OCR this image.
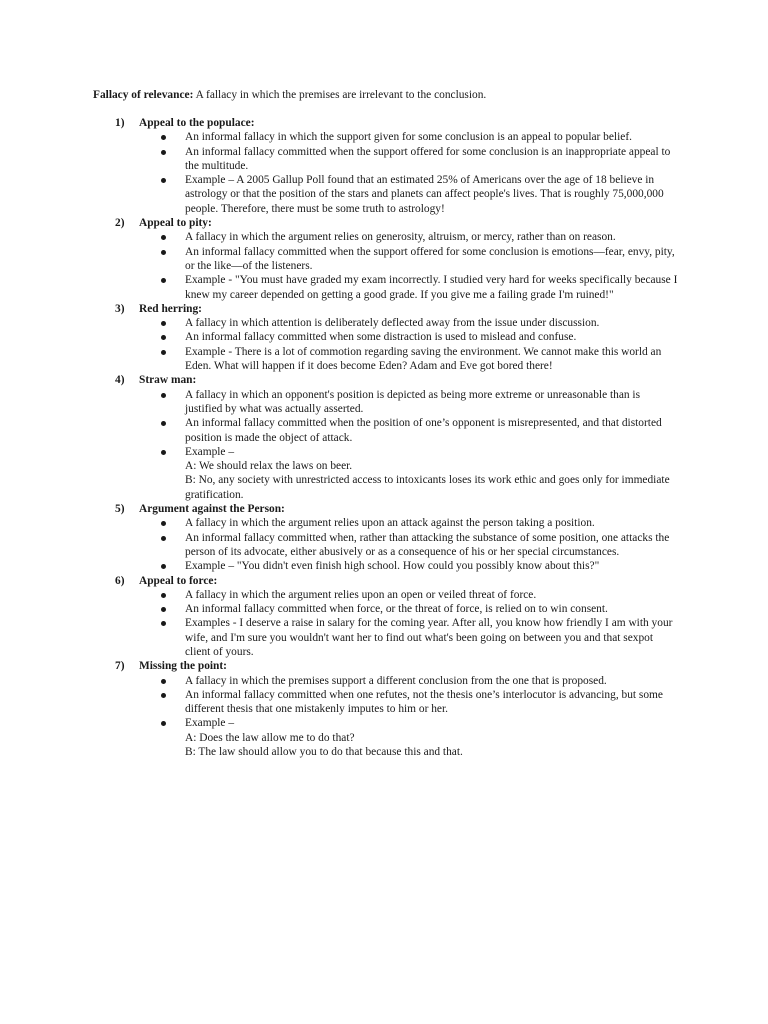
Fallacy of relevance: A fallacy in which the premises are irrelevant to the conclusion.
1) Appeal to the populace:
An informal fallacy in which the support given for some conclusion is an appeal to popular belief.
An informal fallacy committed when the support offered for some conclusion is an inappropriate appeal to the multitude.
Example – A 2005 Gallup Poll found that an estimated 25% of Americans over the age of 18 believe in astrology or that the position of the stars and planets can affect people's lives. That is roughly 75,000,000 people. Therefore, there must be some truth to astrology!
2) Appeal to pity:
A fallacy in which the argument relies on generosity, altruism, or mercy, rather than on reason.
An informal fallacy committed when the support offered for some conclusion is emotions—fear, envy, pity, or the like—of the listeners.
Example - "You must have graded my exam incorrectly. I studied very hard for weeks specifically because I knew my career depended on getting a good grade. If you give me a failing grade I'm ruined!"
3) Red herring:
A fallacy in which attention is deliberately deflected away from the issue under discussion.
An informal fallacy committed when some distraction is used to mislead and confuse.
Example - There is a lot of commotion regarding saving the environment. We cannot make this world an Eden. What will happen if it does become Eden? Adam and Eve got bored there!
4) Straw man:
A fallacy in which an opponent's position is depicted as being more extreme or unreasonable than is justified by what was actually asserted.
An informal fallacy committed when the position of one’s opponent is misrepresented, and that distorted position is made the object of attack.
Example –
A: We should relax the laws on beer.
B: No, any society with unrestricted access to intoxicants loses its work ethic and goes only for immediate gratification.
5) Argument against the Person:
A fallacy in which the argument relies upon an attack against the person taking a position.
An informal fallacy committed when, rather than attacking the substance of some position, one attacks the person of its advocate, either abusively or as a consequence of his or her special circumstances.
Example – "You didn't even finish high school. How could you possibly know about this?"
6) Appeal to force:
A fallacy in which the argument relies upon an open or veiled threat of force.
An informal fallacy committed when force, or the threat of force, is relied on to win consent.
Examples - I deserve a raise in salary for the coming year. After all, you know how friendly I am with your wife, and I'm sure you wouldn't want her to find out what's been going on between you and that sexpot client of yours.
7) Missing the point:
A fallacy in which the premises support a different conclusion from the one that is proposed.
An informal fallacy committed when one refutes, not the thesis one’s interlocutor is advancing, but some different thesis that one mistakenly imputes to him or her.
Example –
A: Does the law allow me to do that?
B: The law should allow you to do that because this and that.
